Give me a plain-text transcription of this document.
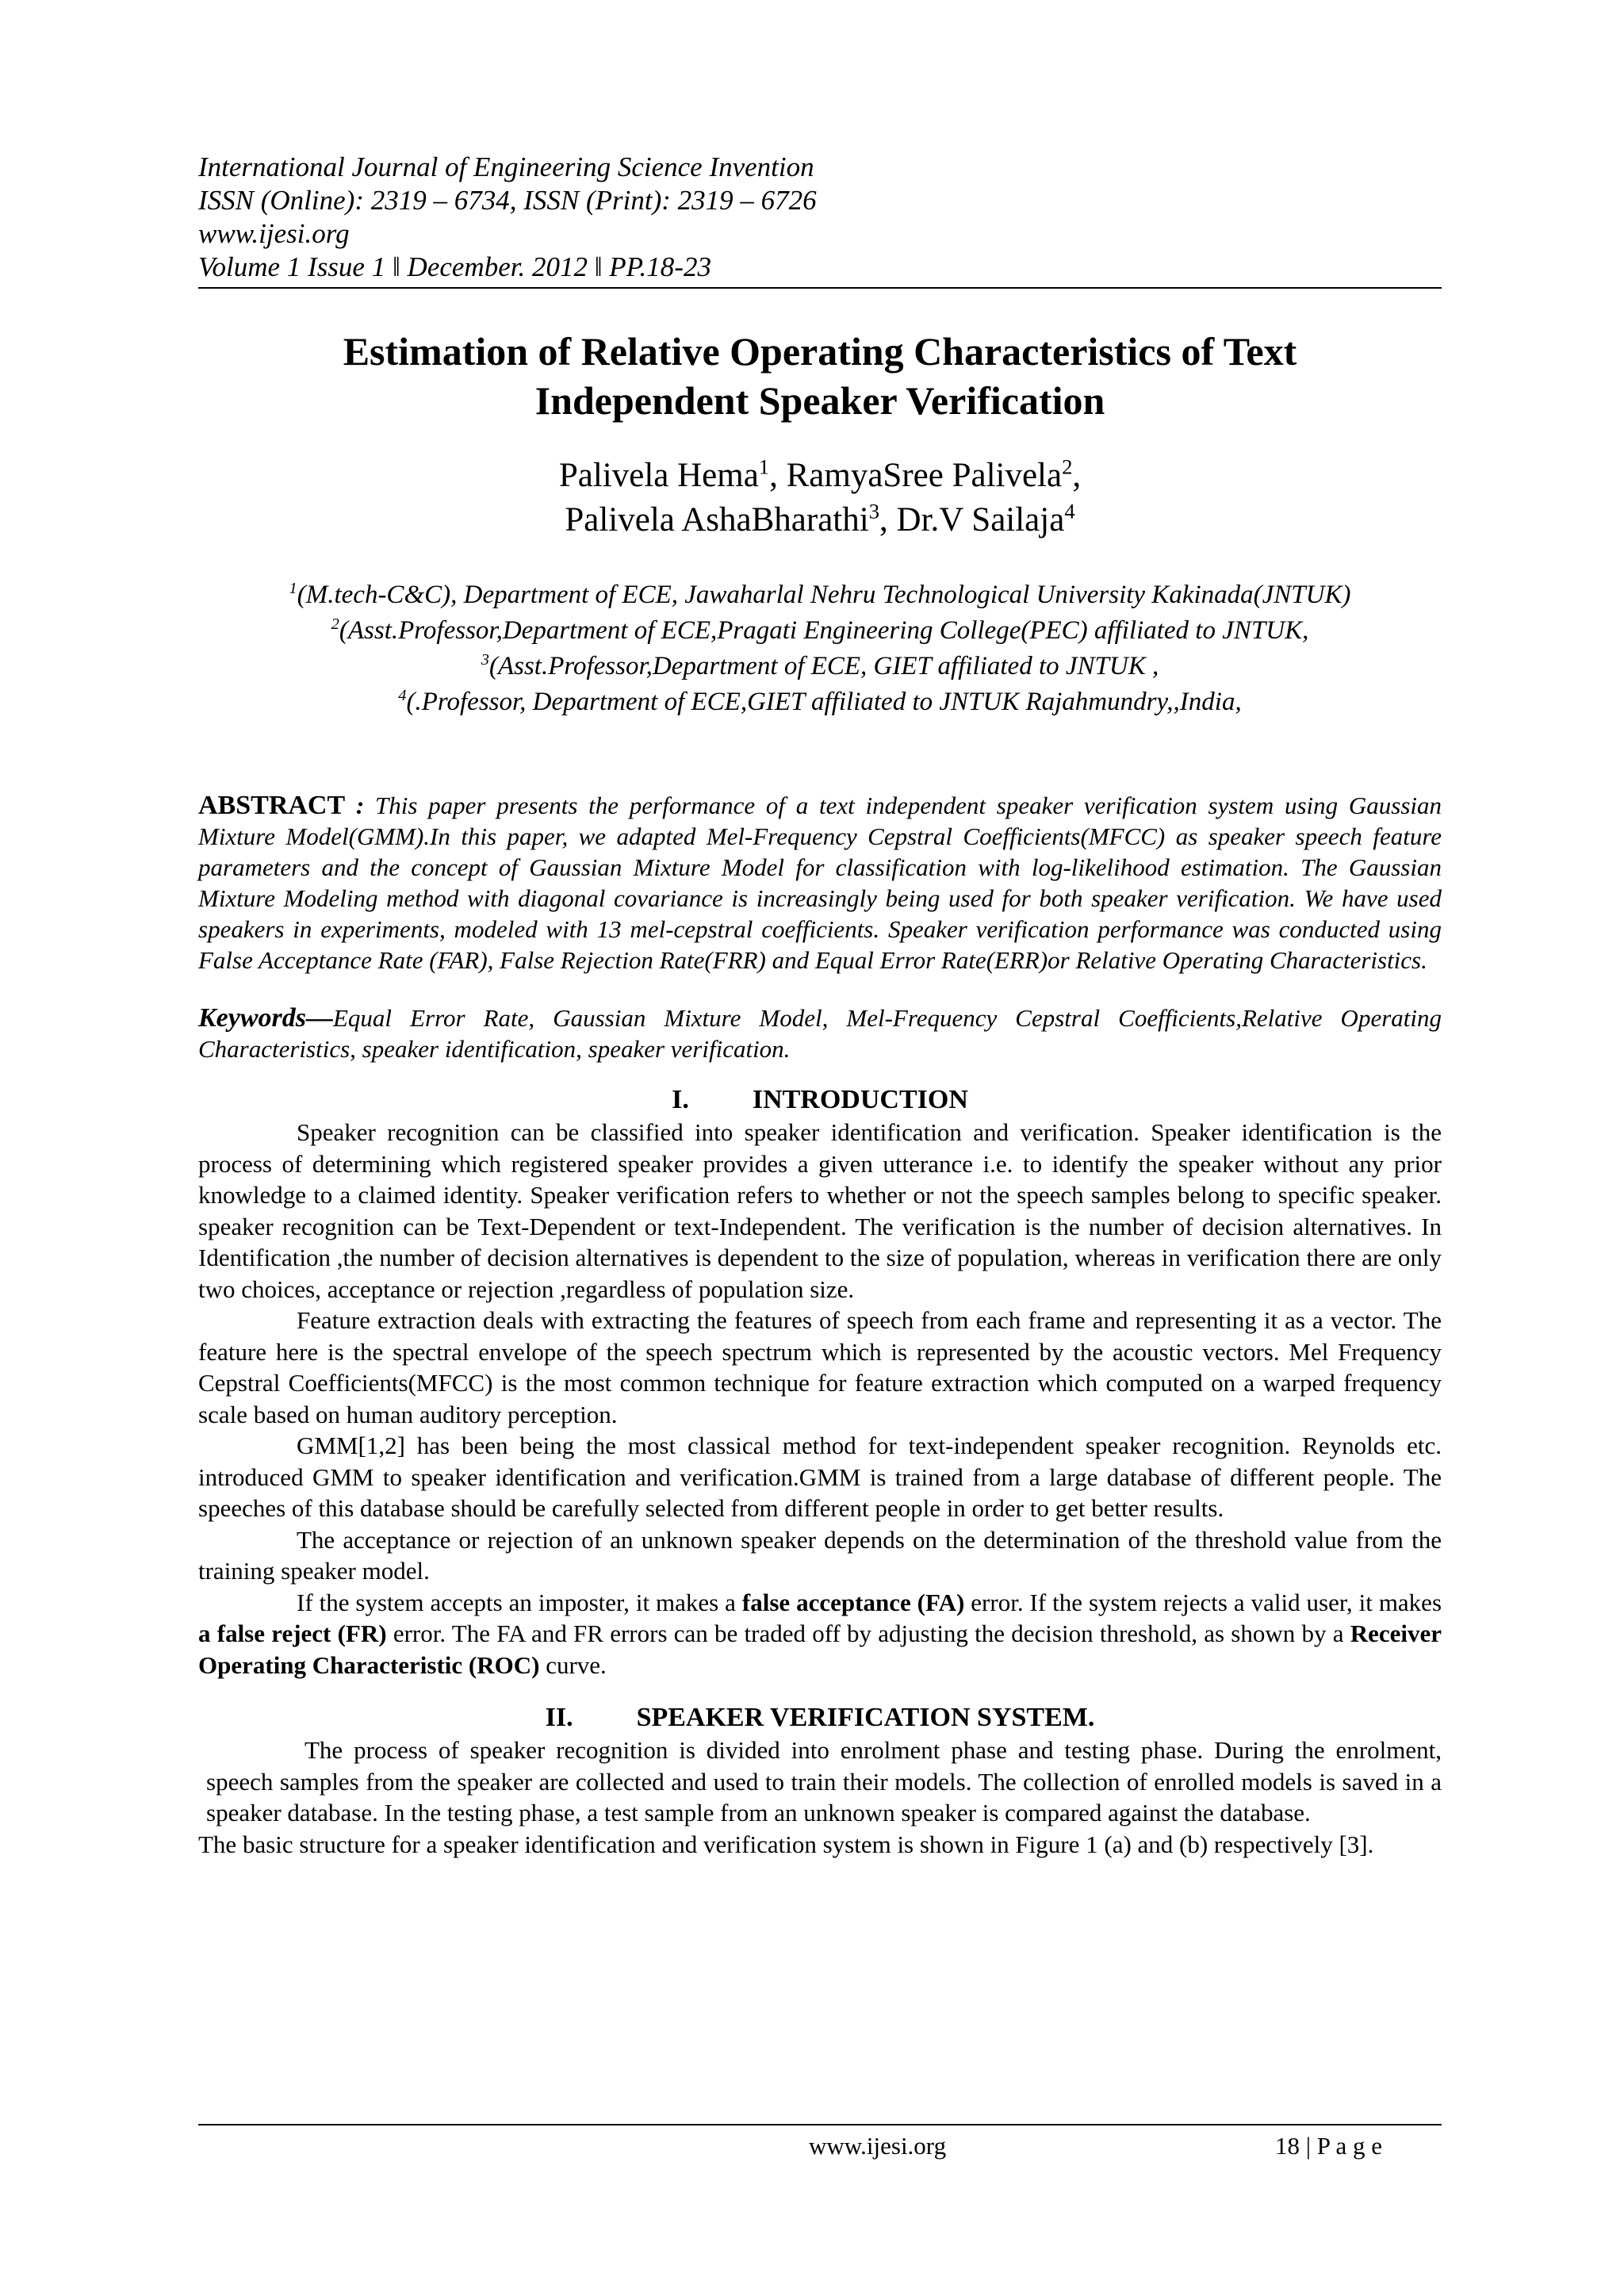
International Journal of Engineering Science Invention
ISSN (Online): 2319 – 6734, ISSN (Print): 2319 – 6726
www.ijesi.org
Volume 1 Issue 1 ǁ December. 2012 ǁ PP.18-23
Estimation of Relative Operating Characteristics of Text
Independent Speaker Verification
Palivela Hema$^1$, RamyaSree Palivela$^2$,
Palivela AshaBharathi$^3$, Dr.V Sailaja$^4$
$^1$(M.tech-C&C), Department of ECE, Jawaharlal Nehru Technological University Kakinada(JNTUK)
$^2$(Asst.Professor,Department of ECE,Pragati Engineering College(PEC) affiliated to JNTUK,
$^3$(Asst.Professor,Department of ECE, GIET affiliated to JNTUK ,
$^4$(.Professor, Department of ECE,GIET affiliated to JNTUK Rajahmundry,,India,
ABSTRACT : This paper presents the performance of a text independent speaker verification system using Gaussian Mixture Model(GMM).In this paper, we adapted Mel-Frequency Cepstral Coefficients(MFCC) as speaker speech feature parameters and the concept of Gaussian Mixture Model for classification with log-likelihood estimation. The Gaussian Mixture Modeling method with diagonal covariance is increasingly being used for both speaker verification. We have used speakers in experiments, modeled with 13 mel-cepstral coefficients. Speaker verification performance was conducted using False Acceptance Rate (FAR), False Rejection Rate(FRR) and Equal Error Rate(ERR)or Relative Operating Characteristics.
Keywords—Equal Error Rate, Gaussian Mixture Model, Mel-Frequency Cepstral Coefficients,Relative Operating Characteristics, speaker identification, speaker verification.
I. INTRODUCTION

Speaker recognition can be classified into speaker identification and verification. Speaker identification is the process of determining which registered speaker provides a given utterance i.e. to identify the speaker without any prior knowledge to a claimed identity. Speaker verification refers to whether or not the speech samples belong to specific speaker. speaker recognition can be Text-Dependent or text-Independent. The verification is the number of decision alternatives. In Identification ,the number of decision alternatives is dependent to the size of population, whereas in verification there are only two choices, acceptance or rejection ,regardless of population size.

Feature extraction deals with extracting the features of speech from each frame and representing it as a vector. The feature here is the spectral envelope of the speech spectrum which is represented by the acoustic vectors. Mel Frequency Cepstral Coefficients(MFCC) is the most common technique for feature extraction which computed on a warped frequency scale based on human auditory perception.

GMM[1,2] has been being the most classical method for text-independent speaker recognition. Reynolds etc. introduced GMM to speaker identification and verification.GMM is trained from a large database of different people. The speeches of this database should be carefully selected from different people in order to get better results.

The acceptance or rejection of an unknown speaker depends on the determination of the threshold value from the training speaker model.

If the system accepts an imposter, it makes a false acceptance (FA) error. If the system rejects a valid user, it makes a false reject (FR) error. The FA and FR errors can be traded off by adjusting the decision threshold, as shown by a Receiver Operating Characteristic (ROC) curve.

II. SPEAKER VERIFICATION SYSTEM.

The process of speaker recognition is divided into enrolment phase and testing phase. During the enrolment, speech samples from the speaker are collected and used to train their models. The collection of enrolled models is saved in a speaker database. In the testing phase, a test sample from an unknown speaker is compared against the database.

The basic structure for a speaker identification and verification system is shown in Figure 1 (a) and (b) respectively [3].

www.ijesi.org	18 | P a g e
